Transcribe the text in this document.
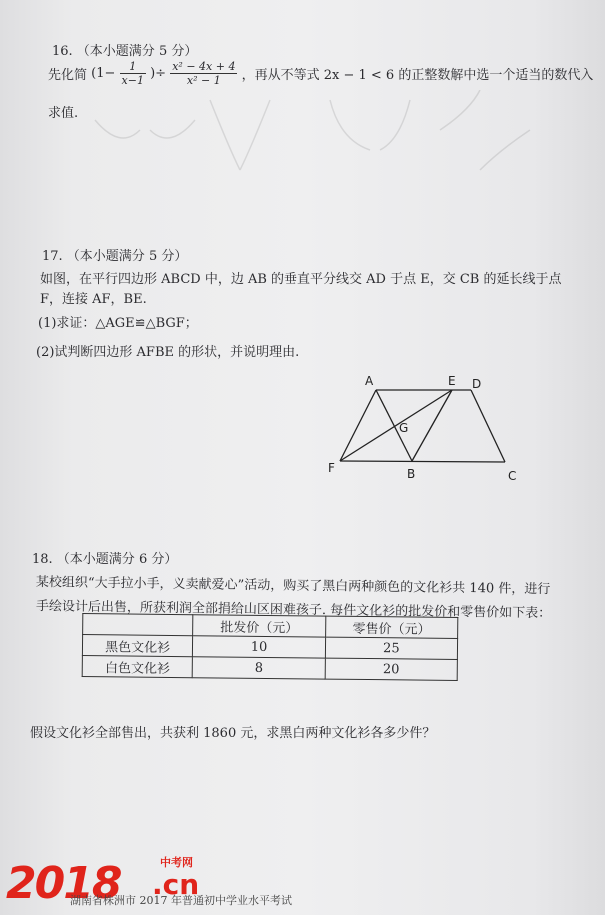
16. （本小题满分 5 分）
先化简 ($1- \frac{1}{x-1}$ )÷ $\frac{\text{x² − 4x + 4}}{\text{x² − 1}}$ ，再从不等式 2x − 1 < 6 的正整数解中选一个适当的数代入
求值.
17. （本小题满分 5 分）
如图，在平行四边形 ABCD 中，边 AB 的垂直平分线交 AD 于点 E，交 CB 的延长线于点
F，连接 AF，BE.
(1)求证：△AGE≌△BGF；
(2)试判断四边形 AFBE 的形状，并说明理由.
A	E D
G
F	B	C
18. （本小题满分 6 分）
某校组织“大手拉小手，义卖献爱心”活动，购买了黑白两种颜色的文化衫共 140 件，进行
手绘设计后出售，所获利润全部捐给山区困难孩子. 每件文化衫的批发价和零售价如下表：
	批发价（元）	零售价（元）
黑色文化衫	10	25
白色文化衫	8	20
假设文化衫全部售出，共获利 1860 元，求黑白两种文化衫各多少件？
中考网
2018 .cn
湖南省株洲市 2017 年普通初中学业水平考试
